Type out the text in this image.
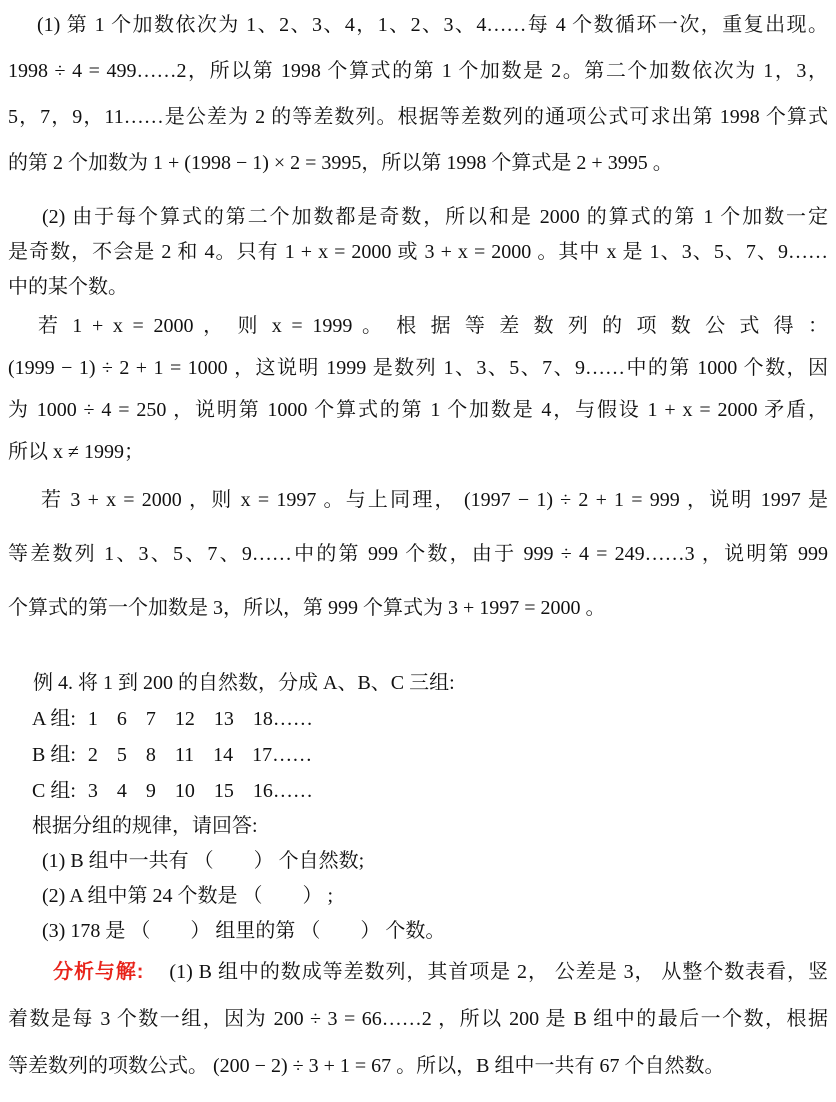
(1) 第 1 个加数依次为 1、2、3、4，1、2、3、4……每 4 个数循环一次，重复出现。
1998 ÷ 4 = 499……2，所以第 1998 个算式的第 1 个加数是 2。第二个加数依次为 1，3，
5，7，9，11……是公差为 2 的等差数列。根据等差数列的通项公式可求出第 1998 个算式
的第 2 个加数为 1 + (1998 − 1) × 2 = 3995，所以第 1998 个算式是 2 + 3995 。
(2) 由于每个算式的第二个加数都是奇数，所以和是 2000 的算式的第 1 个加数一定
是奇数，不会是 2 和 4。只有 1 + x = 2000 或 3 + x = 2000 。其中 x 是 1、3、5、7、9……
中的某个数。
若 1 + x = 2000 ， 则 x = 1999 。 根 据 等 差 数 列 的 项 数 公 式 得 ：
(1999 − 1) ÷ 2 + 1 = 1000 ，这说明 1999 是数列 1、3、5、7、9……中的第 1000 个数，因
为 1000 ÷ 4 = 250 ，说明第 1000 个算式的第 1 个加数是 4，与假设 1 + x = 2000 矛盾，
所以 x ≠ 1999；
若 3 + x = 2000 ，则 x = 1997 。与上同理， (1997 − 1) ÷ 2 + 1 = 999 ，说明 1997 是
等差数列 1、3、5、7、9……中的第 999 个数，由于 999 ÷ 4 = 249……3 ，说明第 999
个算式的第一个加数是 3，所以，第 999 个算式为 3 + 1997 = 2000 。
例 4. 将 1 到 200 的自然数，分成 A、B、C 三组:
A 组: 1 6 7 12 13 18……
B 组: 2 5 8 11 14 17……
C 组: 3 4 9 10 15 16……
根据分组的规律，请回答:
(1) B 组中一共有 （　　） 个自然数;
(2) A 组中第 24 个数是 （　　） ;
(3) 178 是 （　　） 组里的第 （　　） 个数。
分析与解: (1) B 组中的数成等差数列，其首项是 2， 公差是 3， 从整个数表看，竖
着数是每 3 个数一组，因为 200 ÷ 3 = 66……2 ，所以 200 是 B 组中的最后一个数，根据
等差数列的项数公式。 (200 − 2) ÷ 3 + 1 = 67 。所以，B 组中一共有 67 个自然数。
